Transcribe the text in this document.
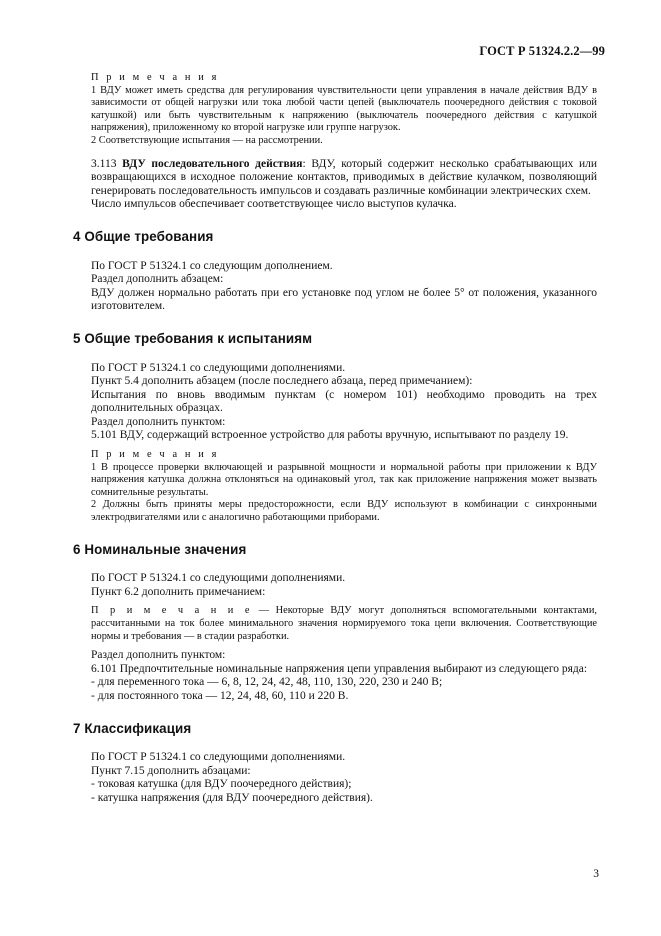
ГОСТ Р 51324.2.2—99

П р и м е ч а н и я

1 ВДУ может иметь средства для регулирования чувствительности цепи управления в начале действия ВДУ в зависимости от общей нагрузки или тока любой части цепей (выключатель поочередного действия с токовой катушкой) или быть чувствительным к напряжению (выключатель поочередного действия с катушкой напряжения), приложенному ко второй нагрузке или группе нагрузок.

2 Соответствующие испытания — на рассмотрении.

3.113 ВДУ последовательного действия: ВДУ, который содержит несколько срабатывающих или возвращающихся в исходное положение контактов, приводимых в действие кулачком, позволяющий генерировать последовательность импульсов и создавать различные комбинации электрических схем.

Число импульсов обеспечивает соответствующее число выступов кулачка.

4 Общие требования

По ГОСТ Р 51324.1 со следующим дополнением.

Раздел дополнить абзацем:

ВДУ должен нормально работать при его установке под углом не более 5° от положения, указанного изготовителем.

5 Общие требования к испытаниям

По ГОСТ Р 51324.1 со следующими дополнениями.

Пункт 5.4 дополнить абзацем (после последнего абзаца, перед примечанием):

Испытания по вновь вводимым пунктам (с номером 101) необходимо проводить на трех дополнительных образцах.

Раздел дополнить пунктом:

5.101 ВДУ, содержащий встроенное устройство для работы вручную, испытывают по разделу 19.

П р и м е ч а н и я

1 В процессе проверки включающей и разрывной мощности и нормальной работы при приложении к ВДУ напряжения катушка должна отклоняться на одинаковый угол, так как приложение напряжения может вызвать сомнительные результаты.

2 Должны быть приняты меры предосторожности, если ВДУ используют в комбинации с синхронными электродвигателями или с аналогично работающими приборами.

6 Номинальные значения

По ГОСТ Р 51324.1 со следующими дополнениями.

Пункт 6.2 дополнить примечанием:

П р и м е ч а н и е — Некоторые ВДУ могут дополняться вспомогательными контактами, рассчитанными на ток более минимального значения нормируемого тока цепи включения. Соответствующие нормы и требования — в стадии разработки.

Раздел дополнить пунктом:

6.101 Предпочтительные номинальные напряжения цепи управления выбирают из следующего ряда:

- для переменного тока — 6, 8, 12, 24, 42, 48, 110, 130, 220, 230 и 240 В;

- для постоянного тока — 12, 24, 48, 60, 110 и 220 В.

7 Классификация

По ГОСТ Р 51324.1 со следующими дополнениями.

Пункт 7.15 дополнить абзацами:

- токовая катушка (для ВДУ поочередного действия);

- катушка напряжения (для ВДУ поочередного действия).

3
